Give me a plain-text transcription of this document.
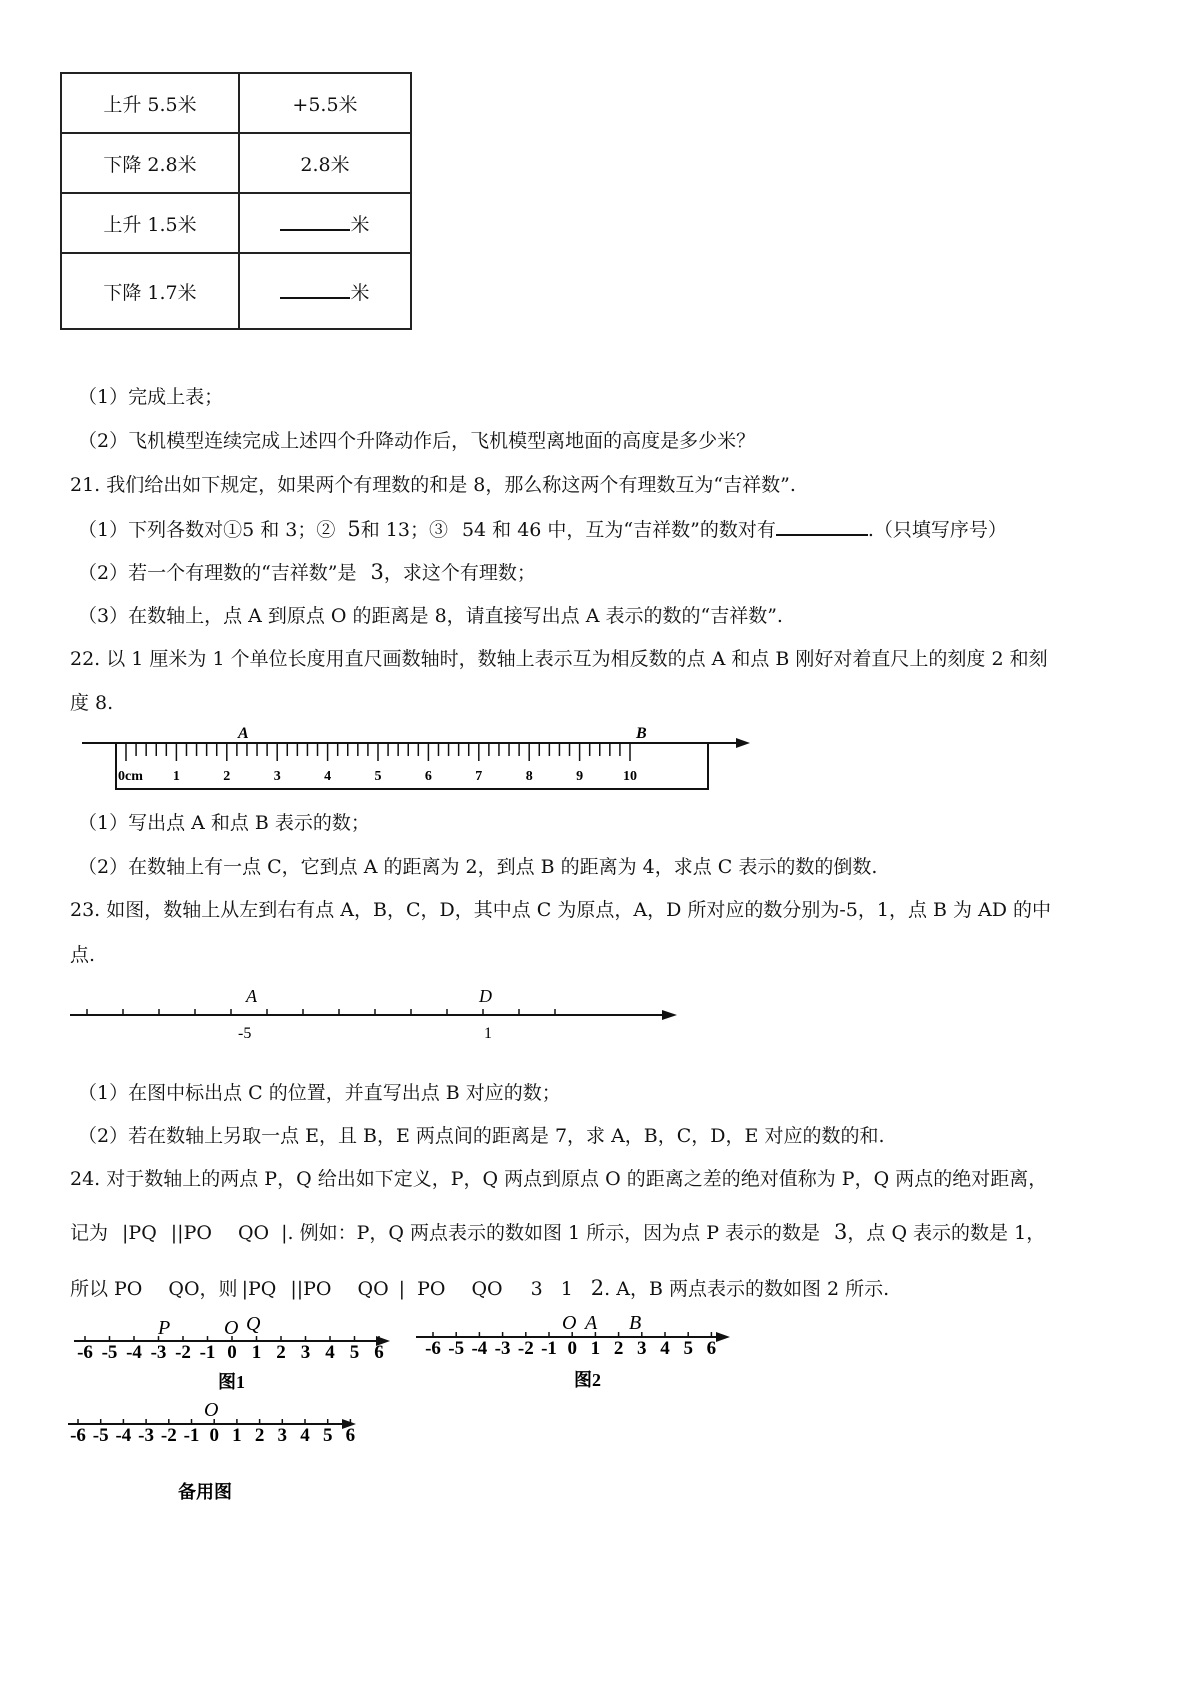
上升 5.5米	+5.5米
下降 2.8米	2.8米
上升 1.5米	米
下降 1.7米	米
（1）完成上表；
（2）飞机模型连续完成上述四个升降动作后，飞机模型离地面的高度是多少米？
21. 我们给出如下规定，如果两个有理数的和是 8，那么称这两个有理数互为“吉祥数”.
（1）下列各数对①5 和 3；② 5和 13；③ 54 和 46 中，互为“吉祥数”的数对有	.（只填写序号）
（2）若一个有理数的“吉祥数”是 3，求这个有理数；
（3）在数轴上，点 A 到原点 O 的距离是 8，请直接写出点 A 表示的数的“吉祥数”.
22. 以 1 厘米为 1 个单位长度用直尺画数轴时，数轴上表示互为相反数的点 A 和点 B 刚好对着直尺上的刻度 2 和刻
度 8.
0cm 1	2	3	4	5	6	7	8	9	10
A	B
（1）写出点 A 和点 B 表示的数；
（2）在数轴上有一点 C，它到点 A 的距离为 2，到点 B 的距离为 4，求点 C 表示的数的倒数.
23. 如图，数轴上从左到右有点 A，B，C，D，其中点 C 为原点，A，D 所对应的数分别为-5，1，点 B 为 AD 的中
点.
A	D
-5	1
（1）在图中标出点 C 的位置，并直写出点 B 对应的数；
（2）若在数轴上另取一点 E，且 B，E 两点间的距离是 7，求 A，B，C，D，E 对应的数的和.
24. 对于数轴上的两点 P，Q 给出如下定义，P，Q 两点到原点 O 的距离之差的绝对值称为 P，Q 两点的绝对距离，
记为 |PQ ||PO QO |. 例如：P，Q 两点表示的数如图 1 所示，因为点 P 表示的数是 3，点 Q 表示的数是 1，
所以 PO QO，则 |PQ ||PO QO | PO QO 3 1 2. A，B 两点表示的数如图 2 所示.
-6 -5 -4 -3 -2 -1 0 1 2 3 4 5 6
P	O Q
图1
-6 -5 -4 -3 -2 -1 0 1 2 3 4 5 6
O A B
图2
-6 -5 -4 -3 -2 -1 0 1 2 3 4 5 6
O
备用图
